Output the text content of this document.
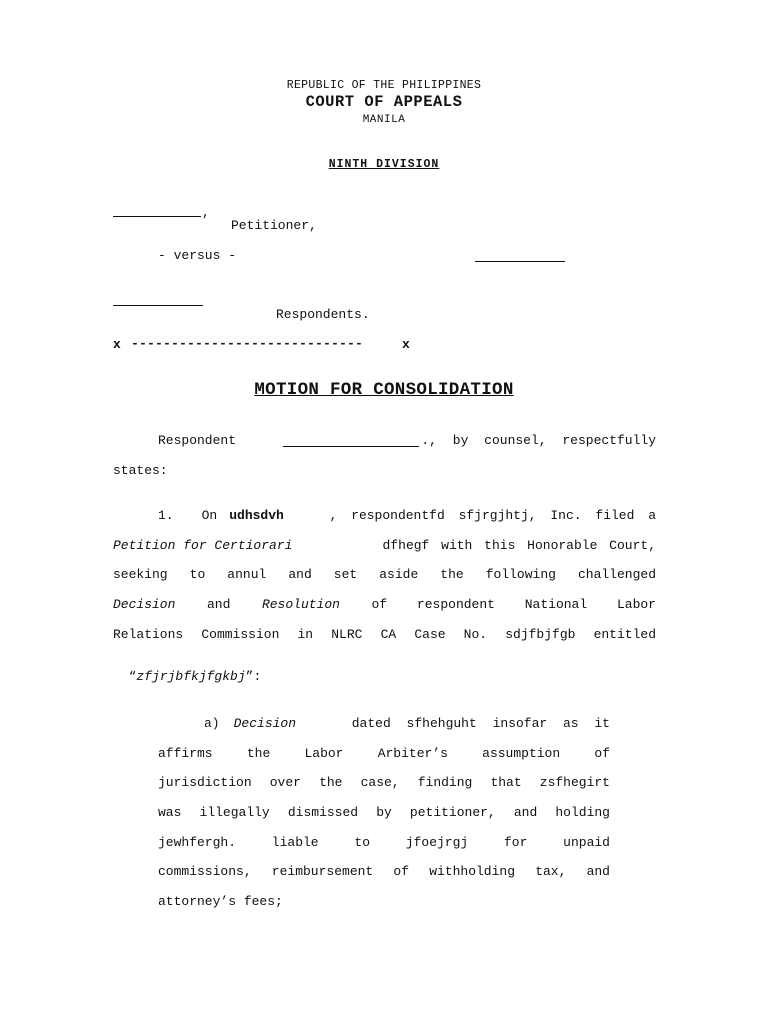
REPUBLIC OF THE PHILIPPINES
COURT OF APPEALS
MANILA
NINTH DIVISION
,
Petitioner,
- versus -
Respondents.
x -----------------------------	x
MOTION FOR CONSOLIDATION
Respondent	., by counsel, respectfully
states:
1. On udhsdvh	, respondentfd sfjrgjhtj, Inc. filed a
Petition for Certiorari	dfhegf with this Honorable Court,
seeking to annul and set aside the following challenged
Decision and Resolution of respondent National Labor
Relations Commission in NLRC CA Case No. sdjfbjfgb entitled

“zfjrjbfkjfgkbj”:

a) Decision	dated sfhehguht insofar as it
affirms the Labor Arbiter’s assumption of
jurisdiction over the case, finding that zsfhegirt
was illegally dismissed by petitioner, and holding
jewhfergh. liable to jfoejrgj for unpaid
commissions, reimbursement of withholding tax, and
attorney’s fees;
